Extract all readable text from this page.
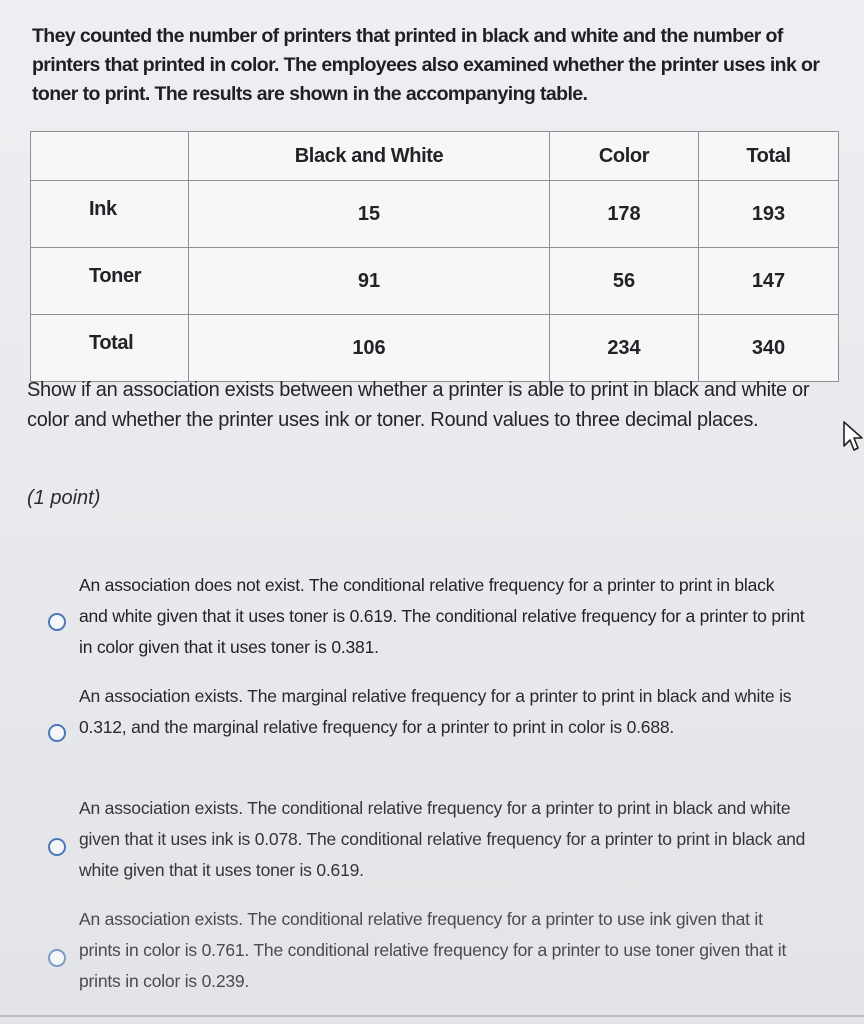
They counted the number of printers that printed in black and white and the number of printers that printed in color. The employees also examined whether the printer uses ink or toner to print. The results are shown in the accompanying table.
	Black and White	Color	Total
Ink	15	178	193
Toner	91	56	147
Total	106	234	340
Show if an association exists between whether a printer is able to print in black and white or color and whether the printer uses ink or toner. Round values to three decimal places.
(1 point)
An association does not exist. The conditional relative frequency for a printer to print in black and white given that it uses toner is 0.619. The conditional relative frequency for a printer to print in color given that it uses toner is 0.381.
An association exists. The marginal relative frequency for a printer to print in black and white is 0.312, and the marginal relative frequency for a printer to print in color is 0.688.
An association exists. The conditional relative frequency for a printer to print in black and white given that it uses ink is 0.078. The conditional relative frequency for a printer to print in black and white given that it uses toner is 0.619.
An association exists. The conditional relative frequency for a printer to use ink given that it prints in color is 0.761. The conditional relative frequency for a printer to use toner given that it prints in color is 0.239.
